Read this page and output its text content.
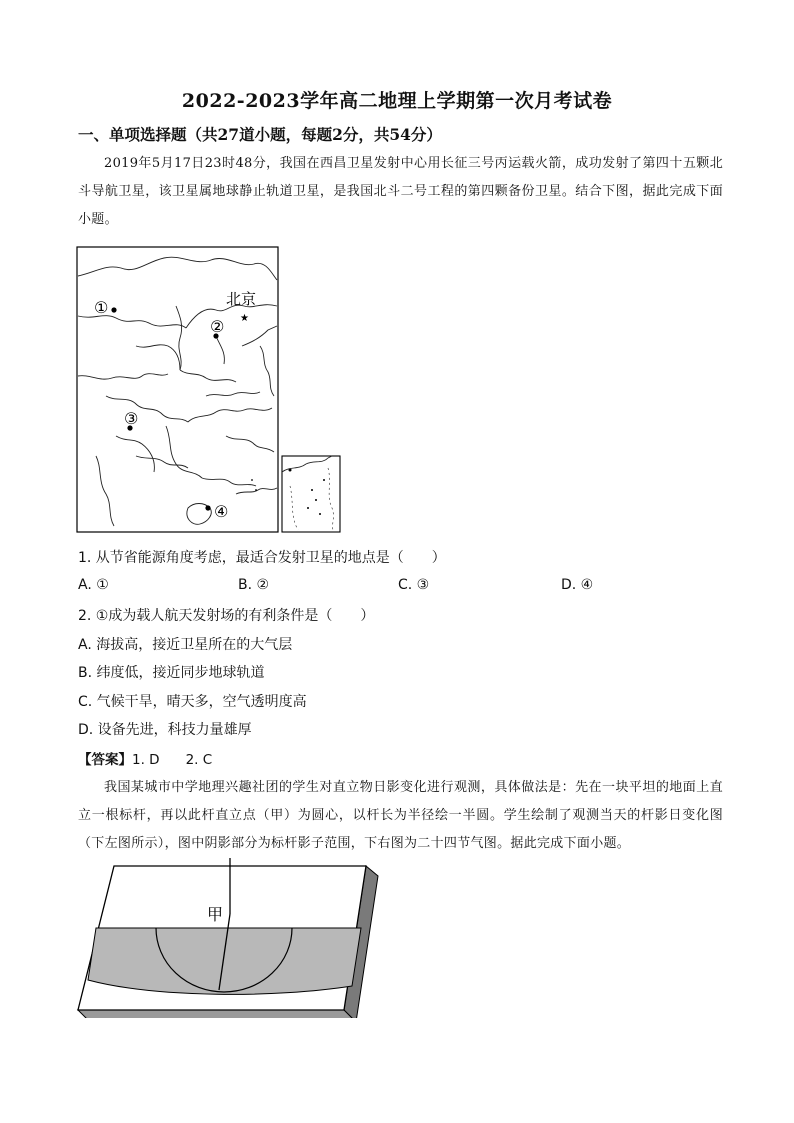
2022-2023学年高二地理上学期第一次月考试卷
一、单项选择题（共27道小题，每题2分，共54分）
2019年5月17日23时48分，我国在西昌卫星发射中心用长征三号丙运载火箭，成功发射了第四十五颗北斗导航卫星，该卫星属地球静止轨道卫星，是我国北斗二号工程的第四颗备份卫星。结合下图，据此完成下面小题。
北京
★
①
②
③
④
1. 从节省能源角度考虑，最适合发射卫星的地点是（　　）
A. ①	B. ②	C. ③	D. ④
2. ①成为载人航天发射场的有利条件是（　　）
A. 海拔高，接近卫星所在的大气层
B. 纬度低，接近同步地球轨道
C. 气候干旱，晴天多，空气透明度高
D. 设备先进，科技力量雄厚
【答案】1. D 2. C
我国某城市中学地理兴趣社团的学生对直立物日影变化进行观测，具体做法是：先在一块平坦的地面上直立一根标杆，再以此杆直立点（甲）为圆心，以杆长为半径绘一半圆。学生绘制了观测当天的杆影日变化图（下左图所示），图中阴影部分为标杆影子范围，下右图为二十四节气图。据此完成下面小题。
甲
